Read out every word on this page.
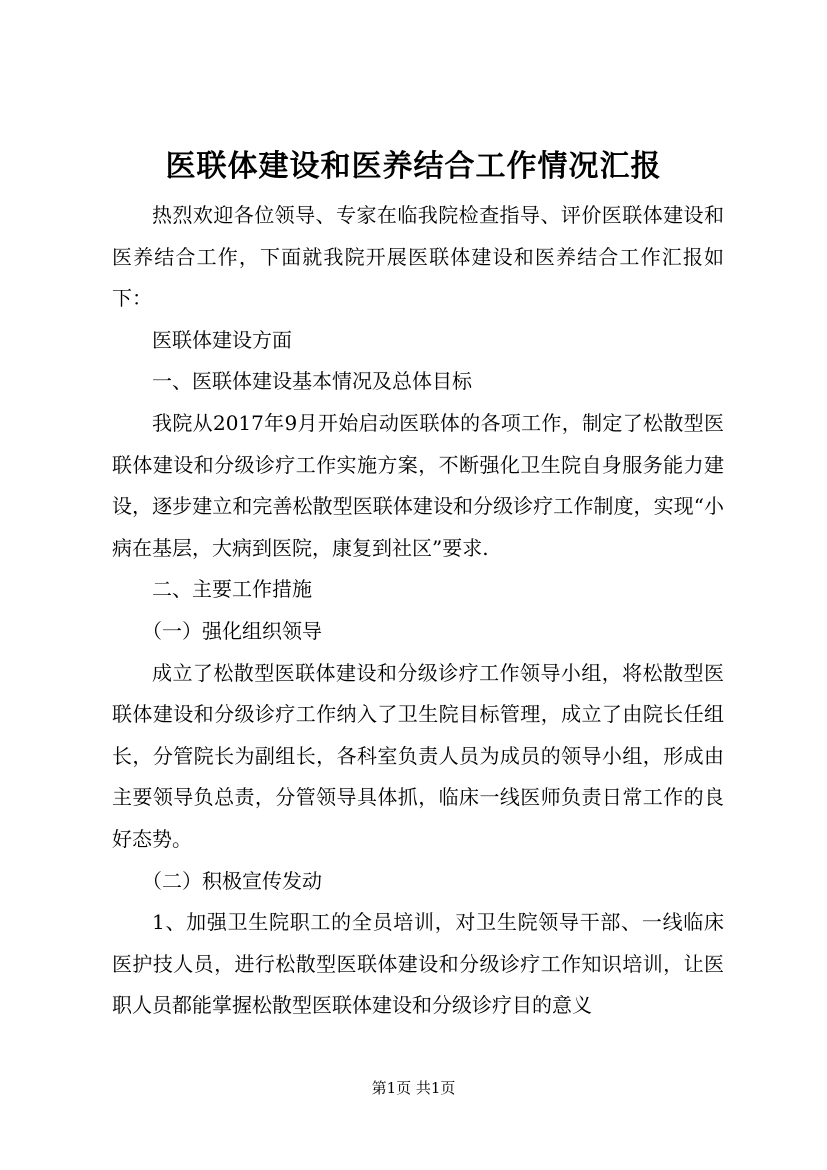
医联体建设和医养结合工作情况汇报

热烈欢迎各位领导、专家在临我院检查指导、评价医联体建设和医养结合工作，下面就我院开展医联体建设和医养结合工作汇报如下：

医联体建设方面

一、医联体建设基本情况及总体目标

我院从2017年9月开始启动医联体的各项工作，制定了松散型医联体建设和分级诊疗工作实施方案，不断强化卫生院自身服务能力建设，逐步建立和完善松散型医联体建设和分级诊疗工作制度，实现“小病在基层，大病到医院，康复到社区”要求.

二、主要工作措施

（一）强化组织领导

成立了松散型医联体建设和分级诊疗工作领导小组，将松散型医联体建设和分级诊疗工作纳入了卫生院目标管理，成立了由院长任组长，分管院长为副组长，各科室负责人员为成员的领导小组，形成由主要领导负总责，分管领导具体抓，临床一线医师负责日常工作的良好态势。

（二）积极宣传发动

1、加强卫生院职工的全员培训，对卫生院领导干部、一线临床医护技人员，进行松散型医联体建设和分级诊疗工作知识培训，让医职人员都能掌握松散型医联体建设和分级诊疗目的意义

第1页 共1页
